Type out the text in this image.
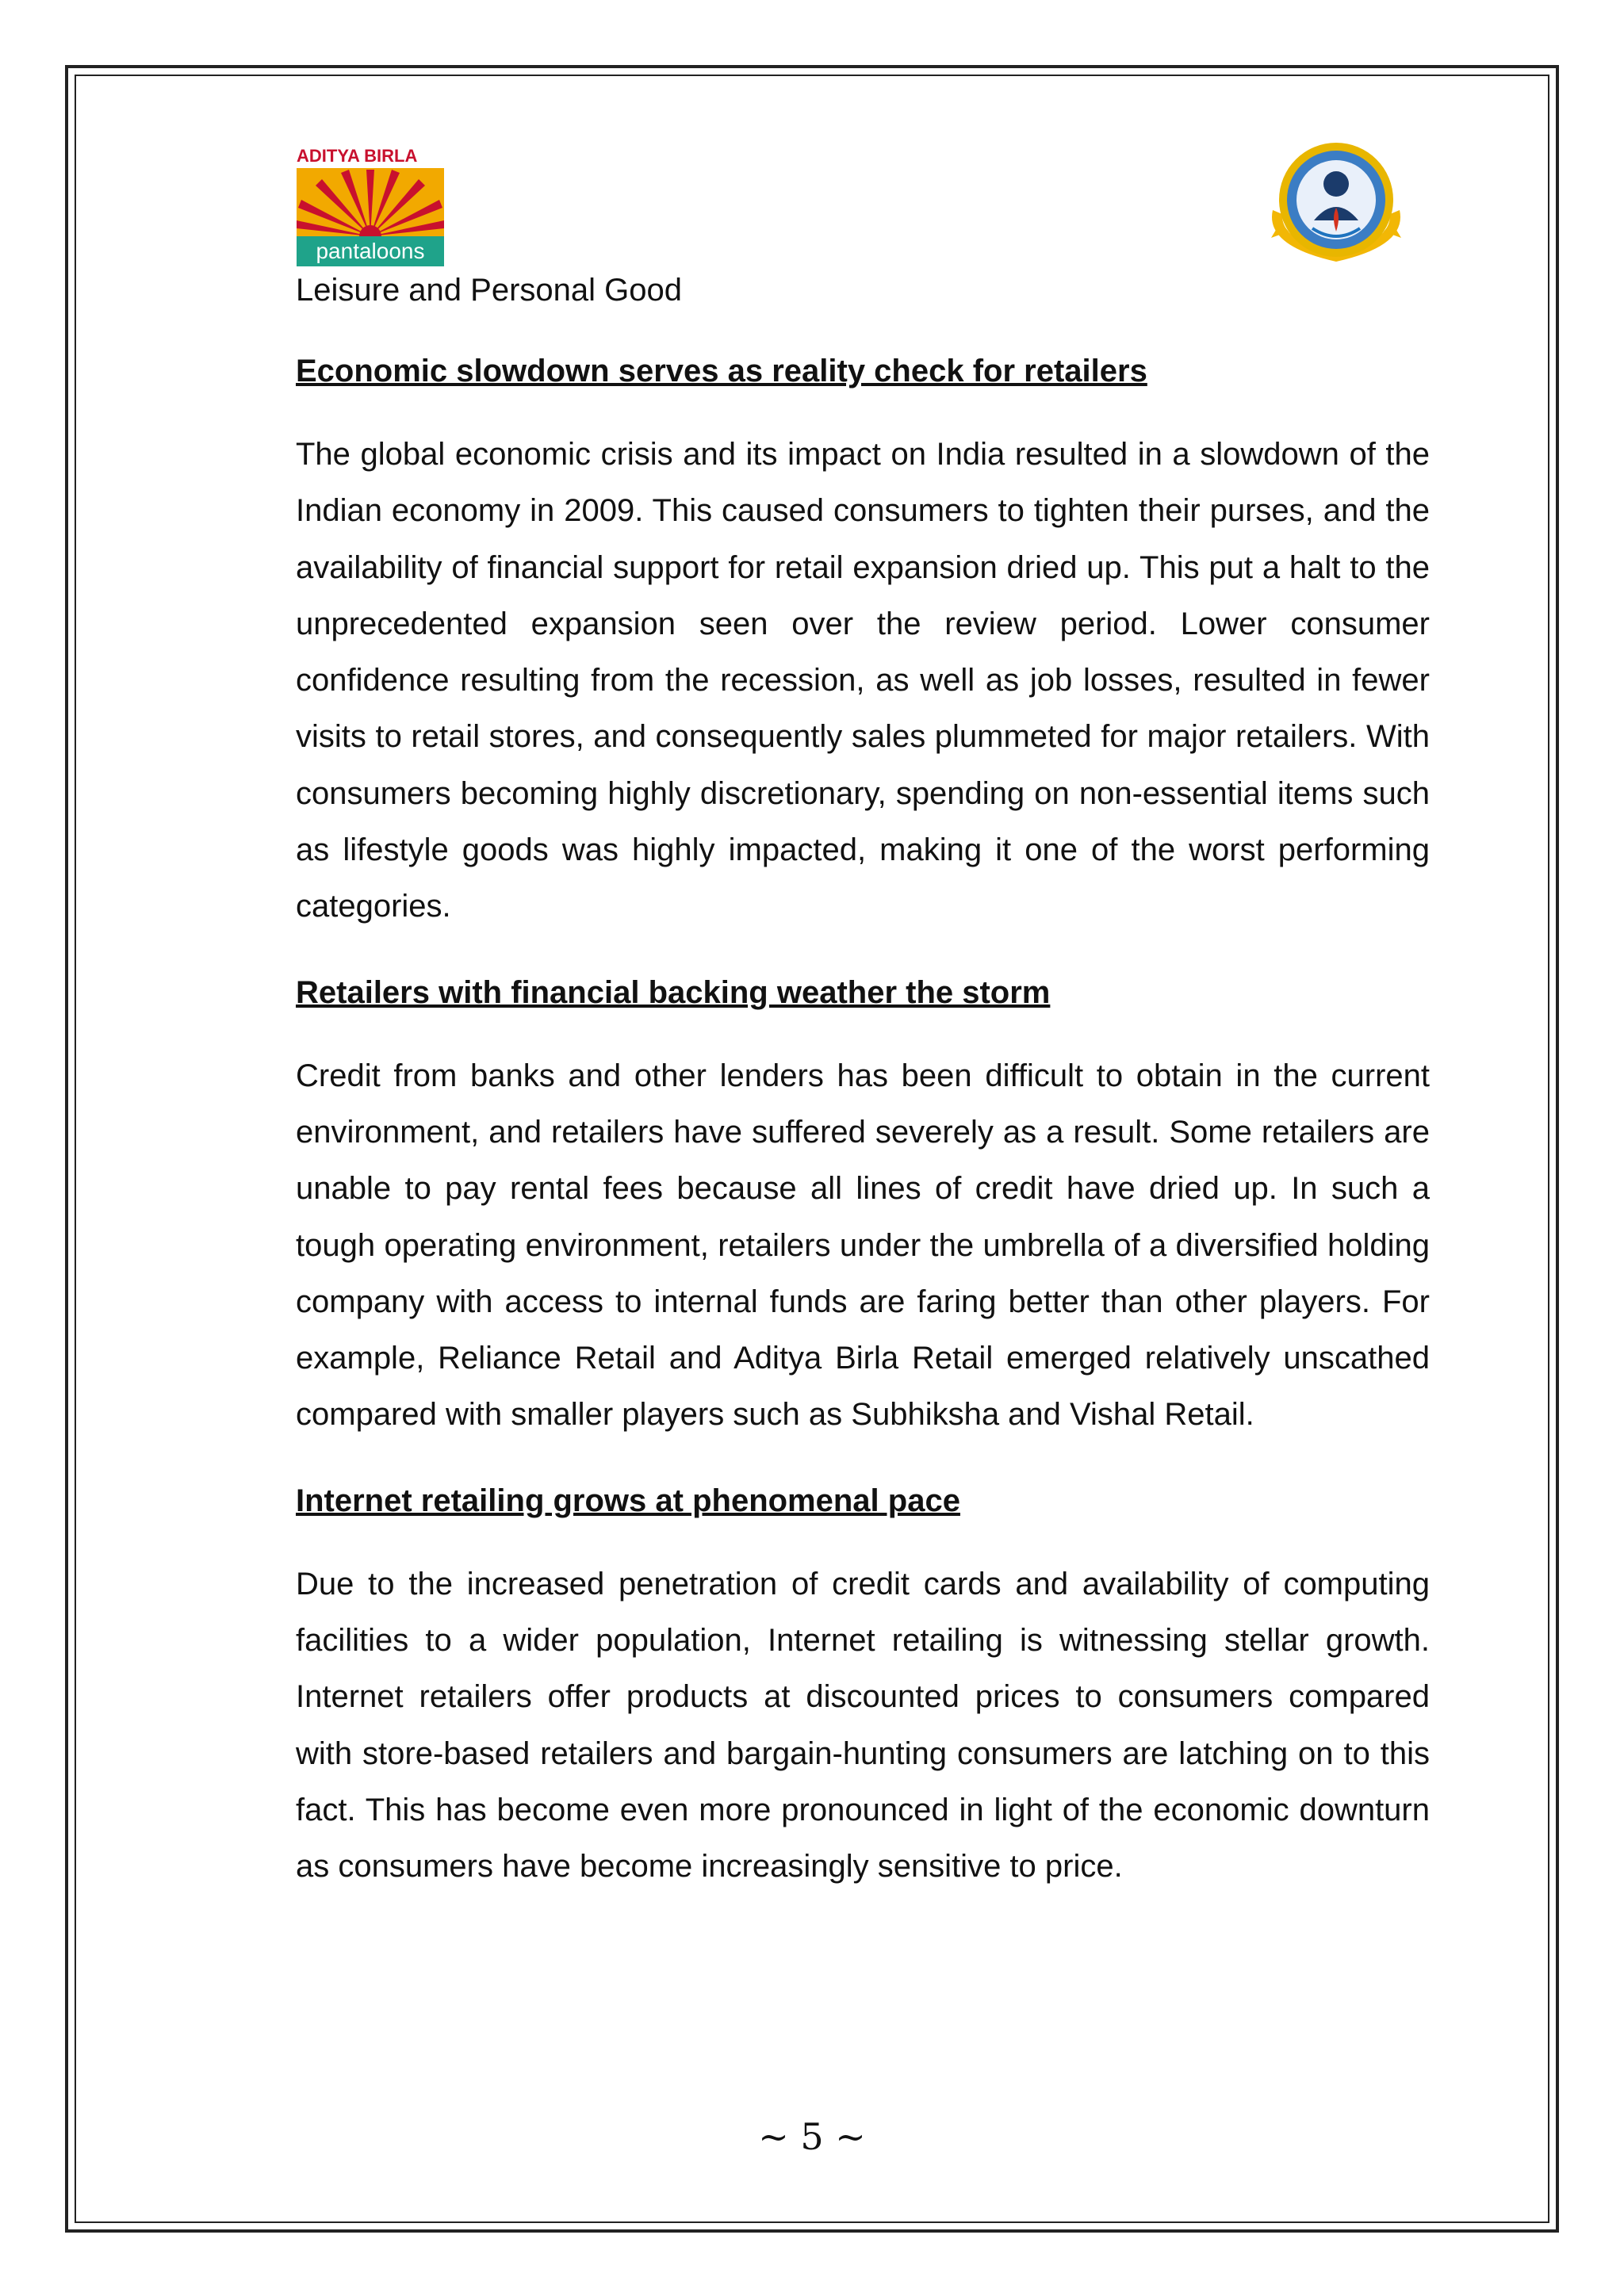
ADITYA BIRLA
pantaloons

Leisure and Personal Good

Economic slowdown serves as reality check for retailers

The global economic crisis and its impact on India resulted in a slowdown of the Indian economy in 2009. This caused consumers to tighten their purses, and the availability of financial support for retail expansion dried up. This put a halt to the unprecedented expansion seen over the review period. Lower consumer confidence resulting from the recession, as well as job losses, resulted in fewer visits to retail stores, and consequently sales plummeted for major retailers. With consumers becoming highly discretionary, spending on non-essential items such as lifestyle goods was highly impacted, making it one of the worst performing categories.

Retailers with financial backing weather the storm

Credit from banks and other lenders has been difficult to obtain in the current environment, and retailers have suffered severely as a result. Some retailers are unable to pay rental fees because all lines of credit have dried up. In such a tough operating environment, retailers under the umbrella of a diversified holding company with access to internal funds are faring better than other players. For example, Reliance Retail and Aditya Birla Retail emerged relatively unscathed compared with smaller players such as Subhiksha and Vishal Retail.

Internet retailing grows at phenomenal pace

Due to the increased penetration of credit cards and availability of computing facilities to a wider population, Internet retailing is witnessing stellar growth. Internet retailers offer products at discounted prices to consumers compared with store-based retailers and bargain-hunting consumers are latching on to this fact. This has become even more pronounced in light of the economic downturn as consumers have become increasingly sensitive to price.

~ 5 ~
